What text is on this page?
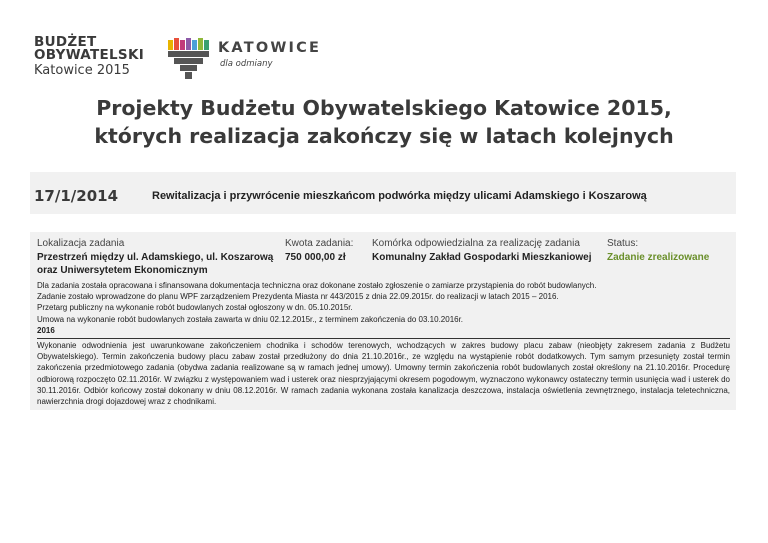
BUDŻET
OBYWATELSKI
Katowice 2015
KATOWICE
dla odmiany
Projekty Budżetu Obywatelskiego Katowice 2015,
których realizacja zakończy się w latach kolejnych
17/1/2014	Rewitalizacja i przywrócenie mieszkańcom podwórka między ulicami Adamskiego i Koszarową
Lokalizacja zadania
Przestrzeń między ul. Adamskiego, ul. Koszarową
oraz Uniwersytetem Ekonomicznym
Kwota zadania:
750 000,00 zł
Komórka odpowiedzialna za realizację zadania
Komunalny Zakład Gospodarki Mieszkaniowej
Status:
Zadanie zrealizowane
Dla zadania została opracowana i sfinansowana dokumentacja techniczna oraz dokonane zostało zgłoszenie o zamiarze przystąpienia do robót budowlanych.
Zadanie zostało wprowadzone do planu WPF zarządzeniem Prezydenta Miasta nr 443/2015 z dnia 22.09.2015r. do realizacji w latach 2015 – 2016.
Przetarg publiczny na wykonanie robót budowlanych został ogłoszony w dn. 05.10.2015r.
Umowa na wykonanie robót budowlanych została zawarta w dniu 02.12.2015r., z terminem zakończenia do 03.10.2016r.
2016
Wykonanie odwodnienia jest uwarunkowane zakończeniem chodnika i schodów terenowych, wchodzących w zakres budowy placu zabaw (nieobjęty zakresem zadania z Budżetu Obywatelskiego). Termin zakończenia budowy placu zabaw został przedłużony do dnia 21.10.2016r., ze względu na wystąpienie robót dodatkowych. Tym samym przesunięty został termin zakończenia przedmiotowego zadania (obydwa zadania realizowane są w ramach jednej umowy). Umowny termin zakończenia robót budowlanych został określony na 21.10.2016r. Procedurę odbiorową rozpoczęto 02.11.2016r. W związku z występowaniem wad i usterek oraz niesprzyjającymi okresem pogodowym, wyznaczono wykonawcy ostateczny termin usunięcia wad i usterek do 30.11.2016r. Odbiór końcowy został dokonany w dniu 08.12.2016r. W ramach zadania wykonana została kanalizacja deszczowa, instalacja oświetlenia zewnętrznego, instalacja teletechniczna, nawierzchnia drogi dojazdowej wraz z chodnikami.
